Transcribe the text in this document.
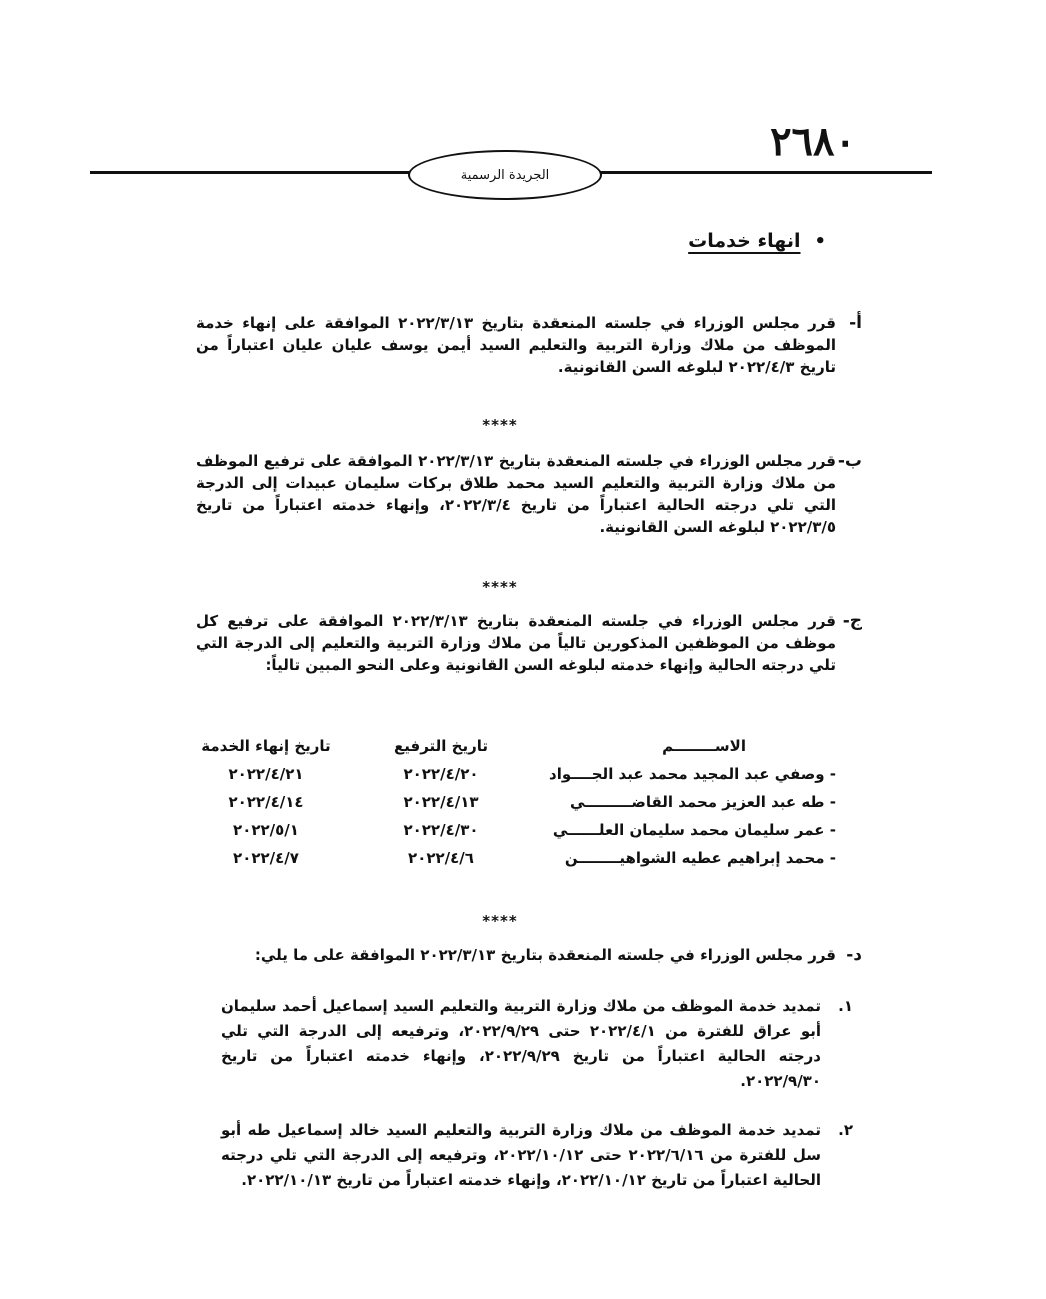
٢٦٨٠
الجريدة الرسمية
•
انهاء خدمات
أ-
قرر مجلس الوزراء في جلسته المنعقدة بتاريخ ٢٠٢٢/٣/١٣ الموافقة على إنهاء خدمة الموظف من ملاك وزارة التربية والتعليم السيد أيمن يوسف عليان عليان اعتباراً من تاريخ ٢٠٢٢/٤/٣ لبلوغه السن القانونية.
****
ب-
قرر مجلس الوزراء في جلسته المنعقدة بتاريخ ٢٠٢٢/٣/١٣ الموافقة على ترفيع الموظف من ملاك وزارة التربية والتعليم السيد محمد طلاق بركات سليمان عبيدات إلى الدرجة التي تلي درجته الحالية اعتباراً من تاريخ ٢٠٢٢/٣/٤، وإنهاء خدمته اعتباراً من تاريخ ٢٠٢٢/٣/٥ لبلوغه السن القانونية.
****
ج-
قرر مجلس الوزراء في جلسته المنعقدة بتاريخ ٢٠٢٢/٣/١٣ الموافقة على ترفيع كل موظف من الموظفين المذكورين تالياً من ملاك وزارة التربية والتعليم إلى الدرجة التي تلي درجته الحالية وإنهاء خدمته لبلوغه السن القانونية وعلى النحو المبين تالياً:
الاســــــــم
تاريخ الترفيع
تاريخ إنهاء الخدمة
- وصفي عبد المجيد محمد عبد الجــــواد
٢٠٢٢/٤/٢٠
٢٠٢٢/٤/٢١
- طه عبد العزيز محمد القاضـــــــــي
٢٠٢٢/٤/١٣
٢٠٢٢/٤/١٤
- عمر سليمان محمد سليمان العلــــــي
٢٠٢٢/٤/٣٠
٢٠٢٢/٥/١
- محمد إبراهيم عطيه الشواهيــــــــن
٢٠٢٢/٤/٦
٢٠٢٢/٤/٧
****
د-
قرر مجلس الوزراء في جلسته المنعقدة بتاريخ ٢٠٢٢/٣/١٣ الموافقة على ما يلي:
١.
تمديد خدمة الموظف من ملاك وزارة التربية والتعليم السيد إسماعيل أحمد سليمان أبو عراق للفترة من ٢٠٢٢/٤/١ حتى ٢٠٢٢/٩/٢٩، وترفيعه إلى الدرجة التي تلي درجته الحالية اعتباراً من تاريخ ٢٠٢٢/٩/٢٩، وإنهاء خدمته اعتباراً من تاريخ ٢٠٢٢/٩/٣٠.
٢.
تمديد خدمة الموظف من ملاك وزارة التربية والتعليم السيد خالد إسماعيل طه أبو سل للفترة من ٢٠٢٢/٦/١٦ حتى ٢٠٢٢/١٠/١٢، وترفيعه إلى الدرجة التي تلي درجته الحالية اعتباراً من تاريخ ٢٠٢٢/١٠/١٢، وإنهاء خدمته اعتباراً من تاريخ ٢٠٢٢/١٠/١٣.
